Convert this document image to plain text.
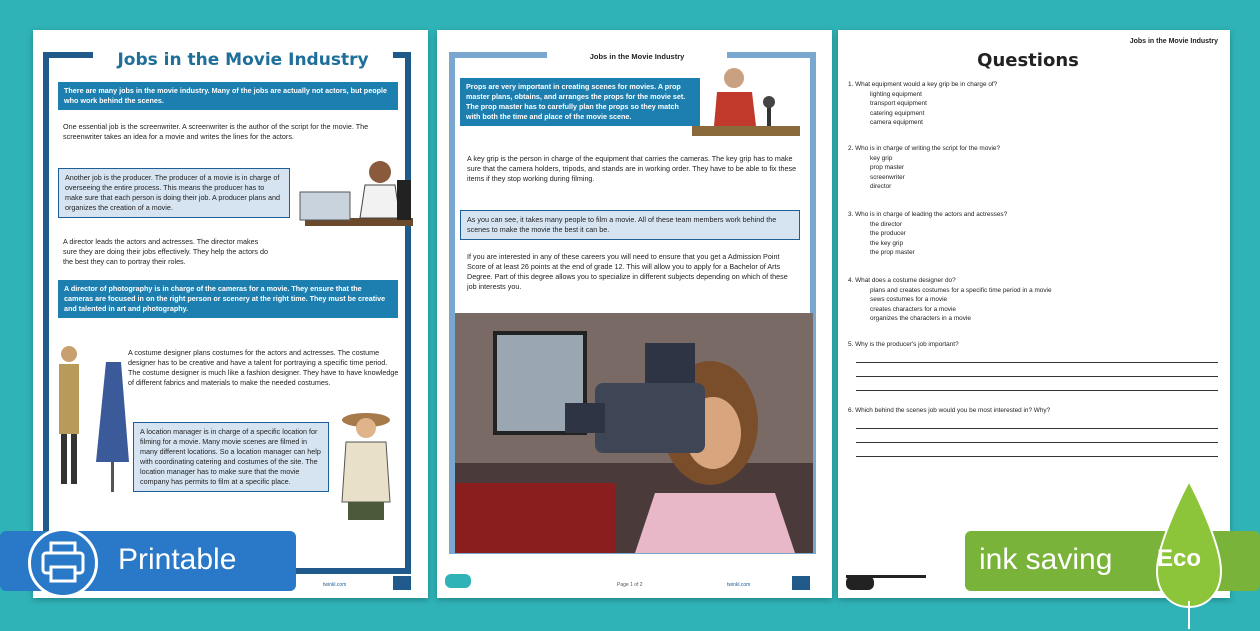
Jobs in the Movie Industry
There are many jobs in the movie industry. Many of the jobs are actually not actors, but people who work behind the scenes.
One essential job is the screenwriter. A screenwriter is the author of the script for the movie. The screenwriter takes an idea for a movie and writes the lines for the actors.
Another job is the producer. The producer of a movie is in charge of overseeing the entire process. This means the producer has to make sure that each person is doing their job. A producer plans and organizes the creation of a movie.
A director leads the actors and actresses. The director makes sure they are doing their jobs effectively. They help the actors do the best they can to portray their roles.
A director of photography is in charge of the cameras for a movie. They ensure that the cameras are focused in on the right person or scenery at the right time. They must be creative and talented in art and photography.
A costume designer plans costumes for the actors and actresses. The costume designer has to be creative and have a talent for portraying a specific time period. The costume designer is much like a fashion designer. They have to have knowledge of different fabrics and materials to make the needed costumes.
A location manager is in charge of a specific location for filming for a movie. Many movie scenes are filmed in many different locations. So a location manager can help with coordinating catering and costumes of the site. The location manager has to make sure that the movie company has permits to film at a specific place.
twinkl.com
Jobs in the Movie Industry
Props are very important in creating scenes for movies. A prop master plans, obtains, and arranges the props for the movie set. The prop master has to carefully plan the props so they match with both the time and place of the movie scene.
A key grip is the person in charge of the equipment that carries the cameras. The key grip has to make sure that the camera holders, tripods, and stands are in working order. They have to be able to fix these items if they stop working during filming.
As you can see, it takes many people to film a movie. All of these team members work behind the scenes to make the movie the best it can be.
If you are interested in any of these careers you will need to ensure that you get a Admission Point Score of at least 26 points at the end of grade 12. This will allow you to apply for a Bachelor of Arts Degree. Part of this degree allows you to specialize in different subjects depending on which of these job interests you.
Page 1 of 2	twinkl.com
Jobs in the Movie Industry
Questions
1. What equipment would a key grip be in charge of?
lighting equipment
transport equipment
catering equipment
camera equipment
2. Who is in charge of writing the script for the movie?
key grip
prop master
screenwriter
director
3. Who is in charge of leading the actors and actresses?
the director
the producer
the key grip
the prop master
4. What does a costume designer do?
plans and creates costumes for a specific time period in a movie
sews costumes for a movie
creates characters for a movie
organizes the characters in a movie
5. Why is the producer's job important?
6. Which behind the scenes job would you be most interested in? Why?
Printable	ink saving Eco
